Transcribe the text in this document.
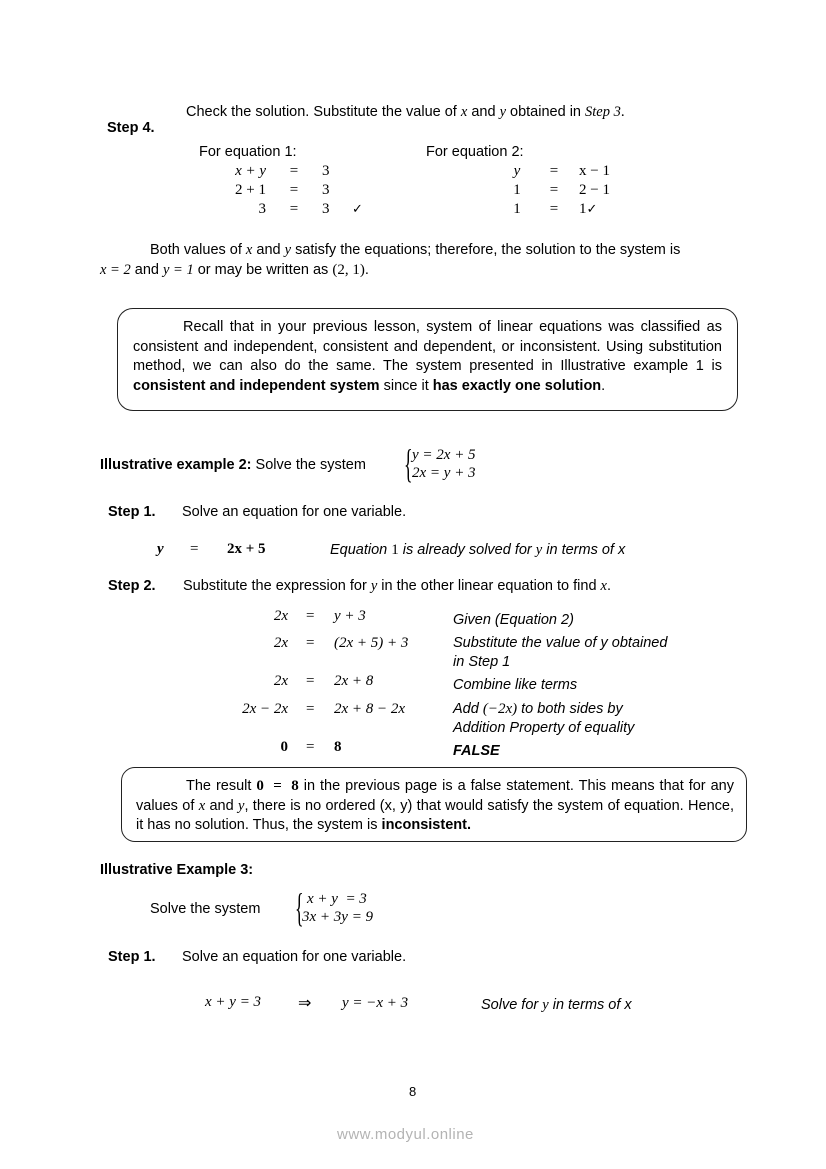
Check the solution. Substitute the value of x and y obtained in Step 3.
Step 4.
For equation 1:
x + y	=	3	
2 + 1	=	3	
3	=	3	✓
For equation 2:
y	=	x − 1
1	=	2 − 1
1	=	1✓
Both values of x and y satisfy the equations; therefore, the solution to the system is
x = 2 and y = 1 or may be written as (2, 1).
Recall that in your previous lesson, system of linear equations was classified as consistent and independent, consistent and dependent, or inconsistent. Using substitution method, we can also do the same. The system presented in Illustrative example 1 is consistent and independent system since it has exactly one solution.
Illustrative example 2: Solve the system { y = 2x + 5
2x = y + 3
Step 1. Solve an equation for one variable.
y = 2x + 5	Equation 1 is already solved for y in terms of x
Step 2. Substitute the expression for y in the other linear equation to find x.
2x = y + 3	Given (Equation 2)
2x = (2x + 5) + 3	Substitute the value of y obtained
in Step 1
2x = 2x + 8	Combine like terms
2x − 2x = 2x + 8 − 2x	Add (−2x) to both sides by
Addition Property of equality
0 = 8	FALSE
The result 0  =  8 in the previous page is a false statement. This means that for any values of x and y, there is no ordered (x, y) that would satisfy the system of equation. Hence, it has no solution. Thus, the system is inconsistent.
Illustrative Example 3:
Solve the system { x + y  = 3
3x + 3y = 9
Step 1. Solve an equation for one variable.
x + y = 3 ⇒ y = −x + 3	Solve for y in terms of x
8
www.modyul.online
